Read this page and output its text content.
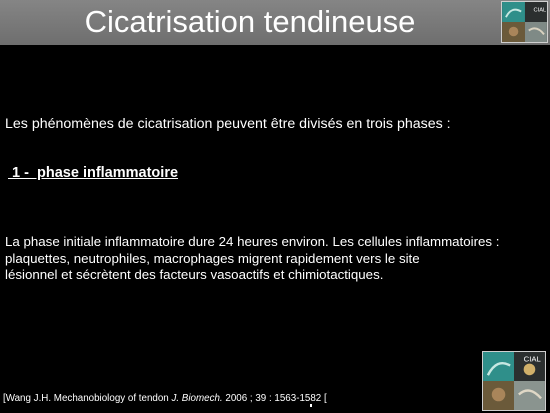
Cicatrisation tendineuse	CIAL
Les phénomènes de cicatrisation peuvent être divisés en trois phases :
1 -  phase inflammatoire
La phase initiale inflammatoire dure 24 heures environ. Les cellules inflammatoires :
plaquettes, neutrophiles, macrophages migrent rapidement vers le site
lésionnel et sécrètent des facteurs vasoactifs et chimiotactiques.
[Wang J.H. Mechanobiology of tendon J. Biomech. 2006 ; 39 : 1563-1582 [
CIAL
